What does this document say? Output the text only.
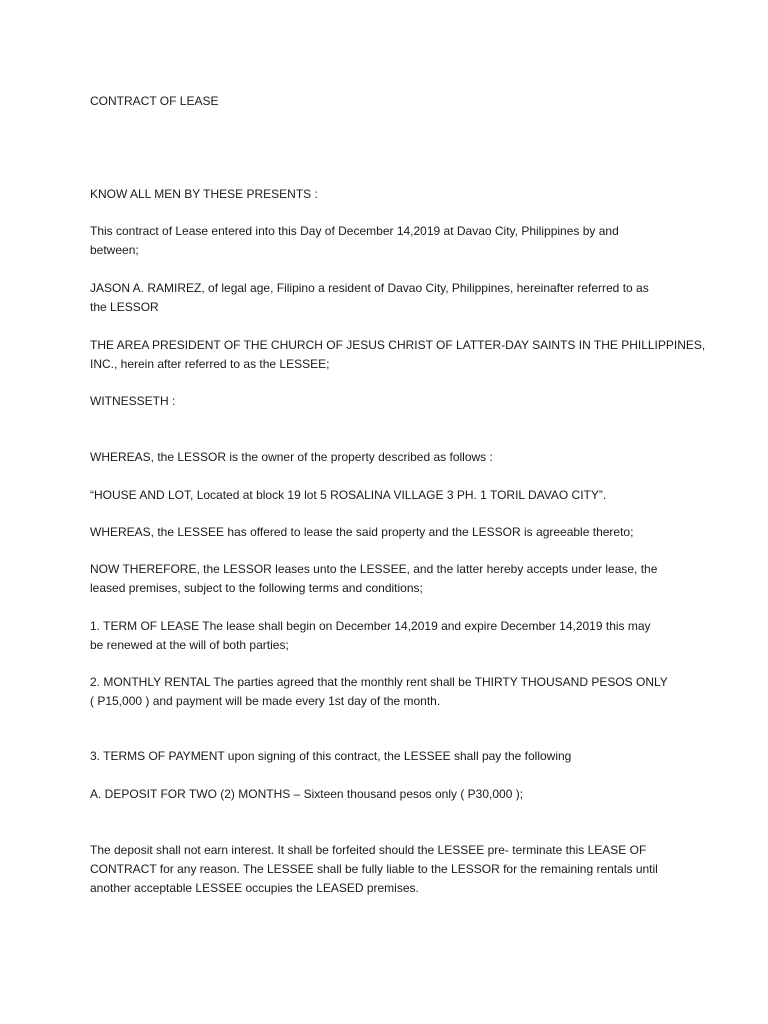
CONTRACT OF LEASE

KNOW ALL MEN BY THESE PRESENTS :

This contract of Lease entered into this Day of December 14,2019 at Davao City, Philippines by and
between;

JASON A. RAMIREZ, of legal age, Filipino a resident of Davao City, Philippines, hereinafter referred to as
the LESSOR

THE AREA PRESIDENT OF THE CHURCH OF JESUS CHRIST OF LATTER-DAY SAINTS IN THE PHILLIPPINES,
INC., herein after referred to as the LESSEE;

WITNESSETH :

WHEREAS, the LESSOR is the owner of the property described as follows :

“HOUSE AND LOT, Located at block 19 lot 5 ROSALINA VILLAGE 3 PH. 1 TORIL DAVAO CITY”.

WHEREAS, the LESSEE has offered to lease the said property and the LESSOR is agreeable thereto;

NOW THEREFORE, the LESSOR leases unto the LESSEE, and the latter hereby accepts under lease, the
leased premises, subject to the following terms and conditions;

1. TERM OF LEASE The lease shall begin on December 14,2019 and expire December 14,2019 this may
be renewed at the will of both parties;

2. MONTHLY RENTAL The parties agreed that the monthly rent shall be THIRTY THOUSAND PESOS ONLY
( P15,000 ) and payment will be made every 1st day of the month.

3. TERMS OF PAYMENT upon signing of this contract, the LESSEE shall pay the following

A. DEPOSIT FOR TWO (2) MONTHS – Sixteen thousand pesos only ( P30,000 );

The deposit shall not earn interest. It shall be forfeited should the LESSEE pre- terminate this LEASE OF
CONTRACT for any reason. The LESSEE shall be fully liable to the LESSOR for the remaining rentals until
another acceptable LESSEE occupies the LEASED premises.
